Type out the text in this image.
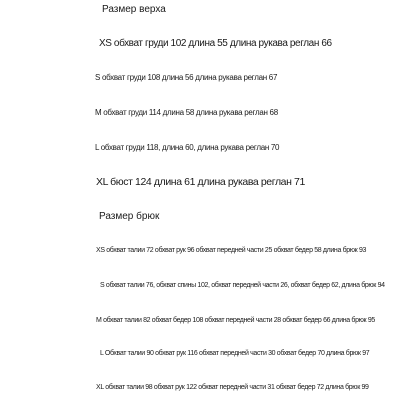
Размер верха
XS обхват груди 102 длина 55 длина рукава реглан 66
S обхват груди 108 длина 56 длина рукава реглан 67
M обхват груди 114 длина 58 длина рукава реглан 68
L обхват груди 118, длина 60, длина рукава реглан 70
XL бюст 124 длина 61 длина рукава реглан 71
Размер брюк
XS обхват талии 72 обхват рук 96 обхват передней части 25 обхват бедер 58 длина брюк 93
S обхват талии 76, обхват спины 102, обхват передней части 26, обхват бедер 62, длина брюк 94
M обхват талии 82 обхват бедер 108 обхват передней части 28 обхват бедер 66 длина брюк 95
L Обхват талии 90 обхват рук 116 обхват передней части 30 обхват бедер 70 длина брюк 97
XL обхват талии 98 обхват рук 122 обхват передней части 31 обхват бедер 72 длина брюк 99
